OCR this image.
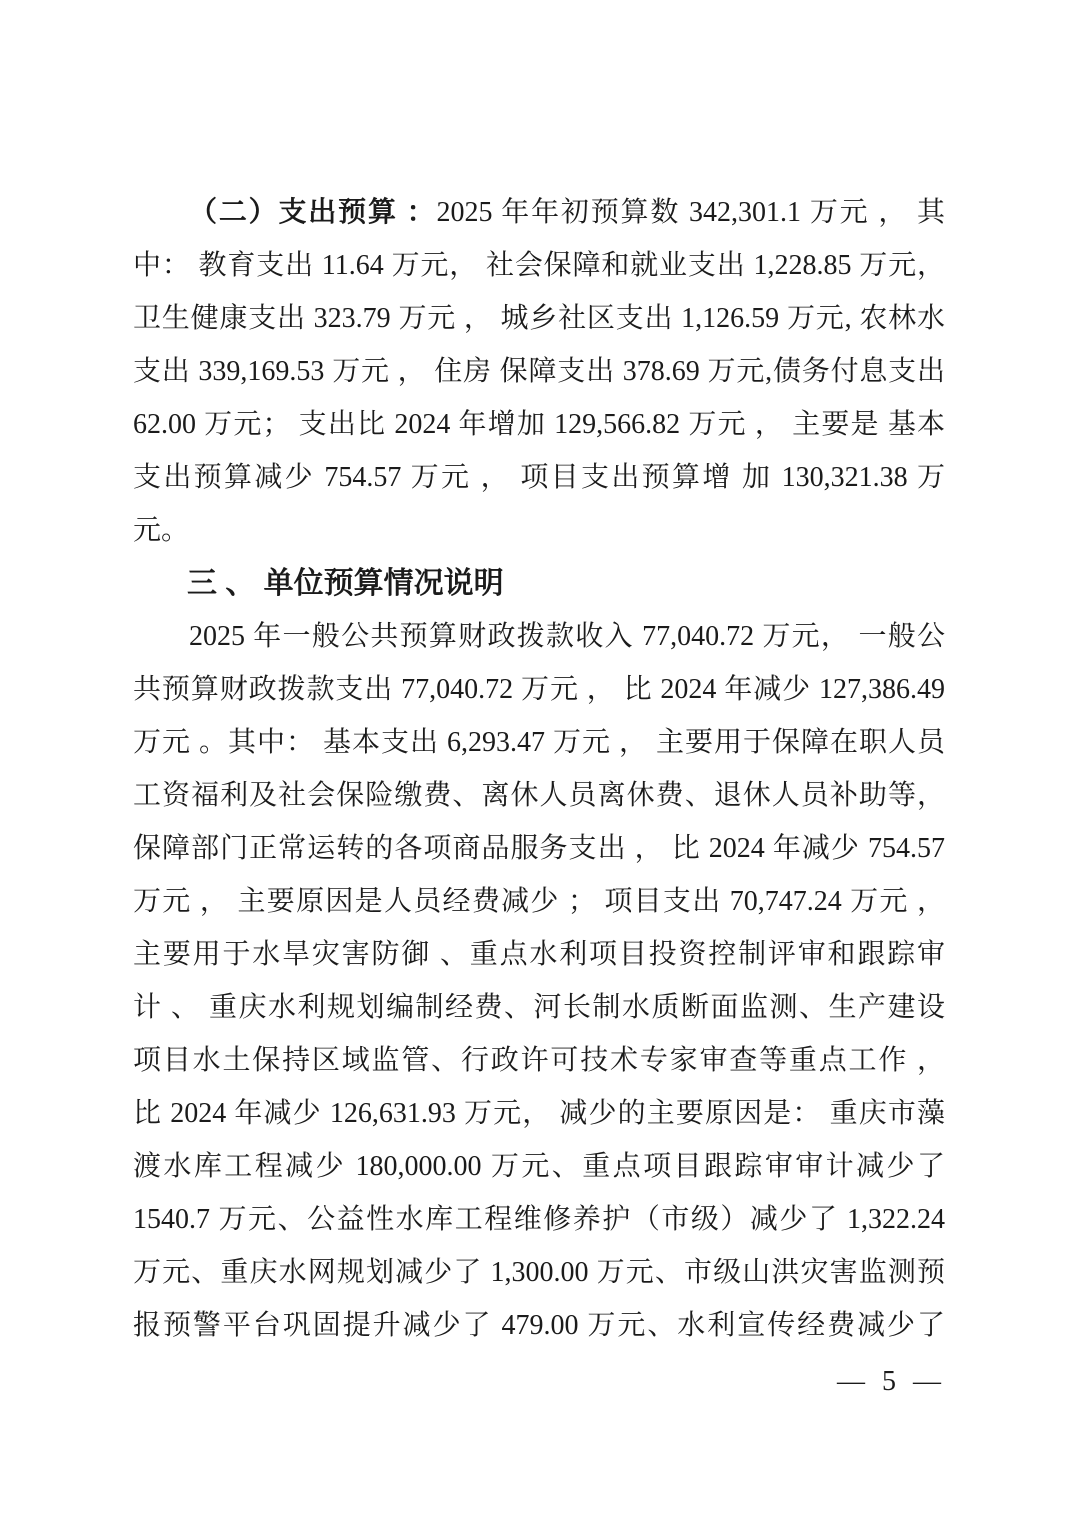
（二）支出预算 ：2025 年年初预算数 342,301.1 万元 ， 其
中： 教育支出 11.64 万元， 社会保障和就业支出 1,228.85 万元，
卫生健康支出 323.79 万元 ， 城乡社区支出 1,126.59 万元, 农林水
支出 339,169.53 万元 ， 住房 保障支出 378.69 万元,债务付息支出
62.00 万元； 支出比 2024 年增加 129,566.82 万元 ， 主要是 基本
支出预算减少 754.57 万元 ， 项目支出预算增 加 130,321.38 万
元。
三 、 单位预算情况说明
2025 年一般公共预算财政拨款收入 77,040.72 万元， 一般公
共预算财政拨款支出 77,040.72 万元 ， 比 2024 年减少 127,386.49
万元 。其中： 基本支出 6,293.47 万元 ， 主要用于保障在职人员
工资福利及社会保险缴费、离休人员离休费、退休人员补助等，
保障部门正常运转的各项商品服务支出 ， 比 2024 年减少 754.57
万元 ， 主要原因是人员经费减少 ； 项目支出 70,747.24 万元 ，
主要用于水旱灾害防御 、重点水利项目投资控制评审和跟踪审
计 、 重庆水利规划编制经费、河长制水质断面监测、生产建设
项目水土保持区域监管、行政许可技术专家审查等重点工作 ，
比 2024 年减少 126,631.93 万元， 减少的主要原因是： 重庆市藻
渡水库工程减少 180,000.00 万元、重点项目跟踪审审计减少了
1540.7 万元、公益性水库工程维修养护（市级）减少了 1,322.24
万元、重庆水网规划减少了 1,300.00 万元、市级山洪灾害监测预
报预警平台巩固提升减少了 479.00 万元、水利宣传经费减少了
— 5 —
